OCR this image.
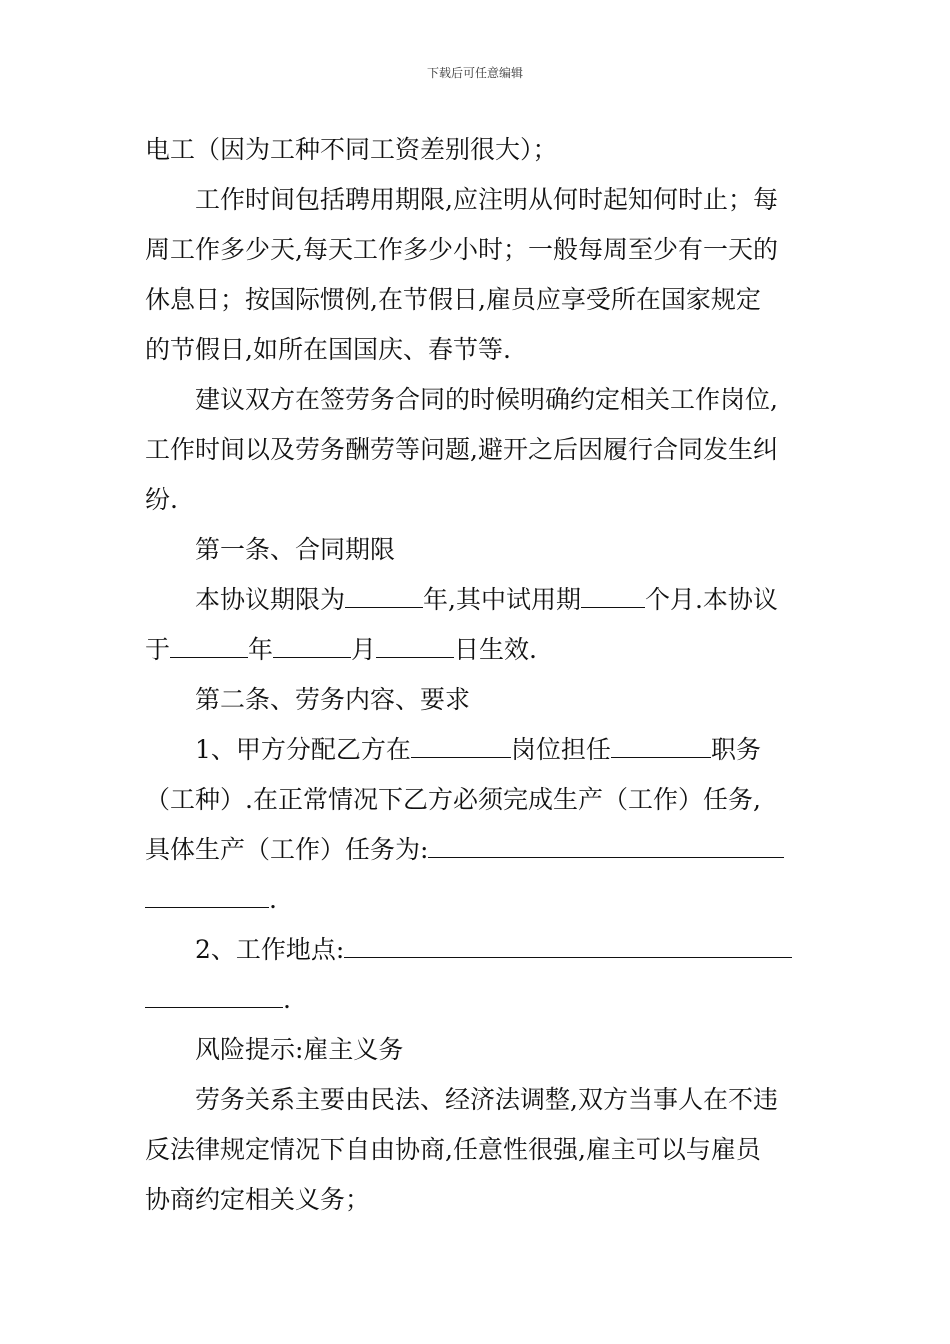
下载后可任意编辑
电工（因为工种不同工资差别很大）；
工作时间包括聘用期限,应注明从何时起知何时止；每
周工作多少天,每天工作多少小时；一般每周至少有一天的
休息日；按国际惯例,在节假日,雇员应享受所在国家规定
的节假日,如所在国国庆、春节等.
建议双方在签劳务合同的时候明确约定相关工作岗位,
工作时间以及劳务酬劳等问题,避开之后因履行合同发生纠
纷.
第一条、合同期限
本协议期限为	年,其中试用期	个月.本协议
于	年	月	日生效.
第二条、劳务内容、要求
1、甲方分配乙方在	岗位担任	职务
（工种）.在正常情况下乙方必须完成生产（工作）任务,
具体生产（工作）任务为:
.
2、工作地点:
.
风险提示:雇主义务
劳务关系主要由民法、经济法调整,双方当事人在不违
反法律规定情况下自由协商,任意性很强,雇主可以与雇员
协商约定相关义务；
